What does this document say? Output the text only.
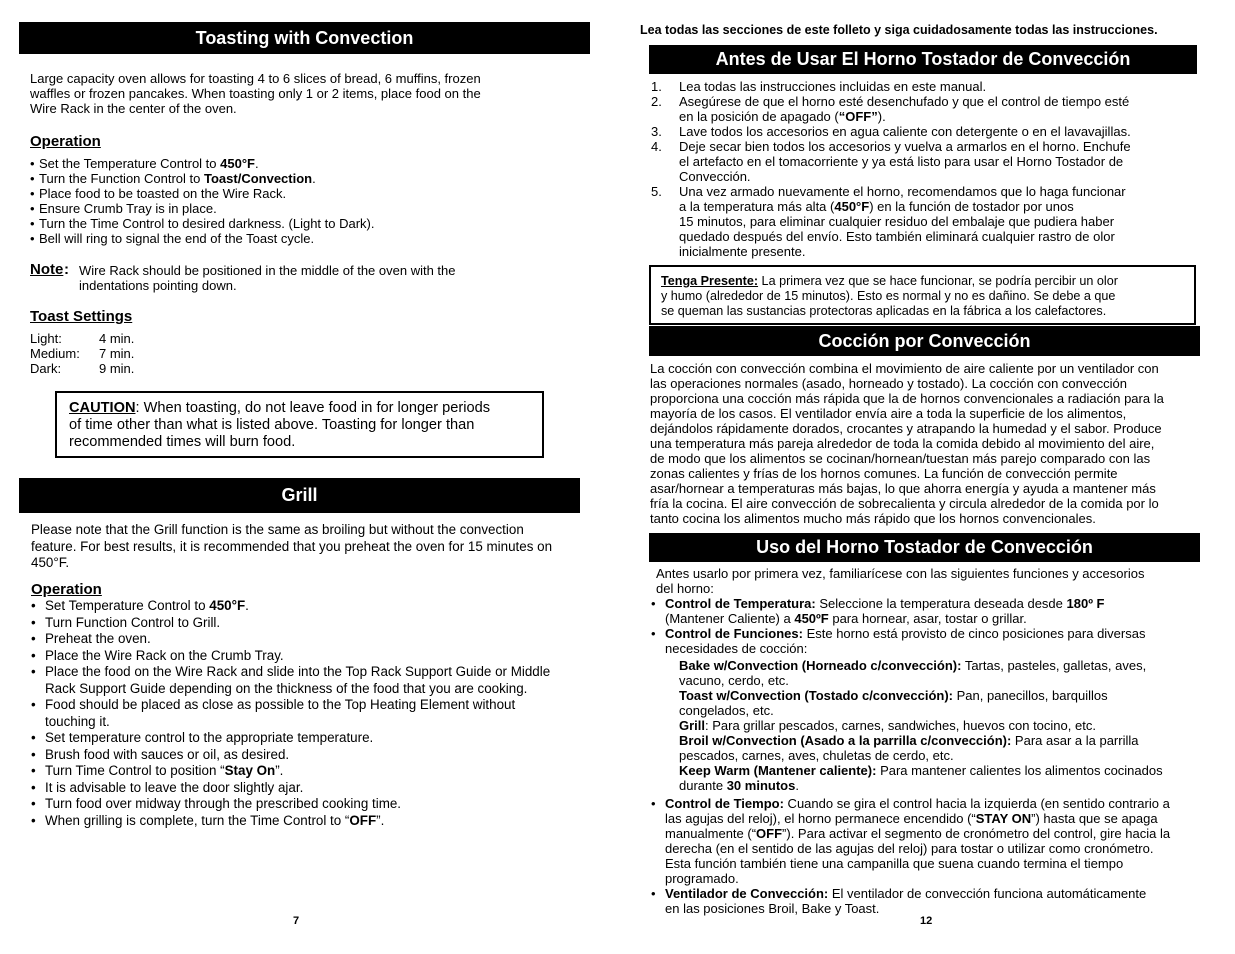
Toasting with Convection
Large capacity oven allows for toasting 4 to 6 slices of bread, 6 muffins, frozen
waffles or frozen pancakes. When toasting only 1 or 2 items, place food on the
Wire Rack in the center of the oven.
Operation
• Set the Temperature Control to 450°F.
• Turn the Function Control to Toast/Convection.
• Place food to be toasted on the Wire Rack.
• Ensure Crumb Tray is in place.
• Turn the Time Control to desired darkness. (Light to Dark).
• Bell will ring to signal the end of the Toast cycle.
Note : Wire Rack should be positioned in the middle of the oven with the
indentations pointing down.
Toast Settings
Light:	4 min.
Medium:	7 min.
Dark:	9 min.
CAUTION: When toasting, do not leave food in for longer periods
of time other than what is listed above. Toasting for longer than
recommended times will burn food.
Grill
Please note that the Grill function is the same as broiling but without the convection
feature. For best results, it is recommended that you preheat the oven for 15 minutes on
450°F.
Operation
• Set Temperature Control to 450°F.
• Turn Function Control to Grill.
• Preheat the oven.
• Place the Wire Rack on the Crumb Tray.
• Place the food on the Wire Rack and slide into the Top Rack Support Guide or Middle
Rack Support Guide depending on the thickness of the food that you are cooking.
• Food should be placed as close as possible to the Top Heating Element without
touching it.
• Set temperature control to the appropriate temperature.
• Brush food with sauces or oil, as desired.
• Turn Time Control to position “Stay On”.
• It is advisable to leave the door slightly ajar.
• Turn food over midway through the prescribed cooking time.
• When grilling is complete, turn the Time Control to “OFF”.
7
Lea todas las secciones de este folleto y siga cuidadosamente todas las instrucciones.
Antes de Usar El Horno Tostador de Convección
1. Lea todas las instrucciones incluidas en este manual.
2. Asegúrese de que el horno esté desenchufado y que el control de tiempo esté
en la posición de apagado (“OFF”).
3. Lave todos los accesorios en agua caliente con detergente o en el lavavajillas.
4. Deje secar bien todos los accesorios y vuelva a armarlos en el horno. Enchufe
el artefacto en el tomacorriente y ya está listo para usar el Horno Tostador de
Convección.
5. Una vez armado nuevamente el horno, recomendamos que lo haga funcionar
a la temperatura más alta (450°F) en la función de tostador por unos
15 minutos, para eliminar cualquier residuo del embalaje que pudiera haber
quedado después del envío. Esto también eliminará cualquier rastro de olor
inicialmente presente.
Tenga Presente: La primera vez que se hace funcionar, se podría percibir un olor
y humo (alrededor de 15 minutos). Esto es normal y no es dañino. Se debe a que
se queman las sustancias protectoras aplicadas en la fábrica a los calefactores.
Cocción por Convección
La cocción con convección combina el movimiento de aire caliente por un ventilador con
las operaciones normales (asado, horneado y tostado). La cocción con convección
proporciona una cocción más rápida que la de hornos convencionales a radiación para la
mayoría de los casos. El ventilador envía aire a toda la superficie de los alimentos,
dejándolos rápidamente dorados, crocantes y atrapando la humedad y el sabor. Produce
una temperatura más pareja alrededor de toda la comida debido al movimiento del aire,
de modo que los alimentos se cocinan/hornean/tuestan más parejo comparado con las
zonas calientes y frías de los hornos comunes. La función de convección permite
asar/hornear a temperaturas más bajas, lo que ahorra energía y ayuda a mantener más
fría la cocina. El aire convección de sobrecalienta y circula alrededor de la comida por lo
tanto cocina los alimentos mucho más rápido que los hornos convencionales.
Uso del Horno Tostador de Convección
Antes usarlo por primera vez, familiarícese con las siguientes funciones y accesorios
del horno:
• Control de Temperatura: Seleccione la temperatura deseada desde 180º F
(Mantener Caliente) a 450ºF para hornear, asar, tostar o grillar.
• Control de Funciones: Este horno está provisto de cinco posiciones para diversas
necesidades de cocción:
Bake w/Convection (Horneado c/convección): Tartas, pasteles, galletas, aves,
vacuno, cerdo, etc.
Toast w/Convection (Tostado c/convección): Pan, panecillos, barquillos
congelados, etc.
Grill: Para grillar pescados, carnes, sandwiches, huevos con tocino, etc.
Broil w/Convection (Asado a la parrilla c/convección): Para asar a la parrilla
pescados, carnes, aves, chuletas de cerdo, etc.
Keep Warm (Mantener caliente): Para mantener calientes los alimentos cocinados
durante 30 minutos.
• Control de Tiempo: Cuando se gira el control hacia la izquierda (en sentido contrario a
las agujas del reloj), el horno permanece encendido (“STAY ON”) hasta que se apaga
manualmente (“OFF”). Para activar el segmento de cronómetro del control, gire hacia la
derecha (en el sentido de las agujas del reloj) para tostar o utilizar como cronómetro.
Esta función también tiene una campanilla que suena cuando termina el tiempo
programado.
• Ventilador de Convección: El ventilador de convección funciona automáticamente
en las posiciones Broil, Bake y Toast.
12
